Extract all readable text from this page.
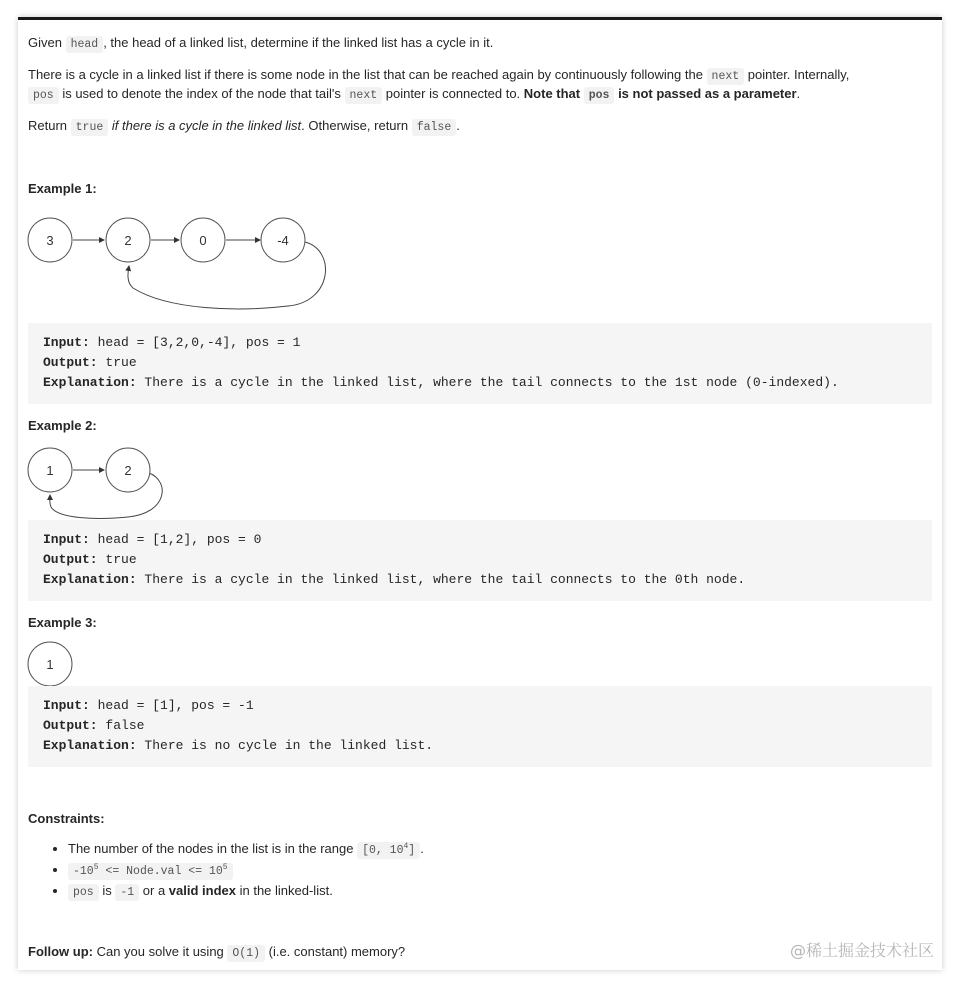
Given head , the head of a linked list, determine if the linked list has a cycle in it.

There is a cycle in a linked list if there is some node in the list that can be reached again by continuously following the next pointer. Internally,

pos is used to denote the index of the node that tail's next pointer is connected to. Note that pos is not passed as a parameter.

Return true if there is a cycle in the linked list. Otherwise, return false .

Example 1:

3	2	0	-4
Input: head = [3,2,0,-4], pos = 1
Output: true
Explanation: There is a cycle in the linked list, where the tail connects to the 1st node (0-indexed).

Example 2:

1	2
Input: head = [1,2], pos = 0
Output: true
Explanation: There is a cycle in the linked list, where the tail connects to the 0th node.

Example 3:

1
Input: head = [1], pos = -1
Output: false
Explanation: There is no cycle in the linked list.

Constraints:

• The number of the nodes in the list is in the range [0, $10^4$] .
• $-10^5$ <= Node.val <= $10^5$
• pos is -1 or a valid index in the linked-list.

Follow up: Can you solve it using O(1) (i.e. constant) memory?	@稀土掘金技术社区
